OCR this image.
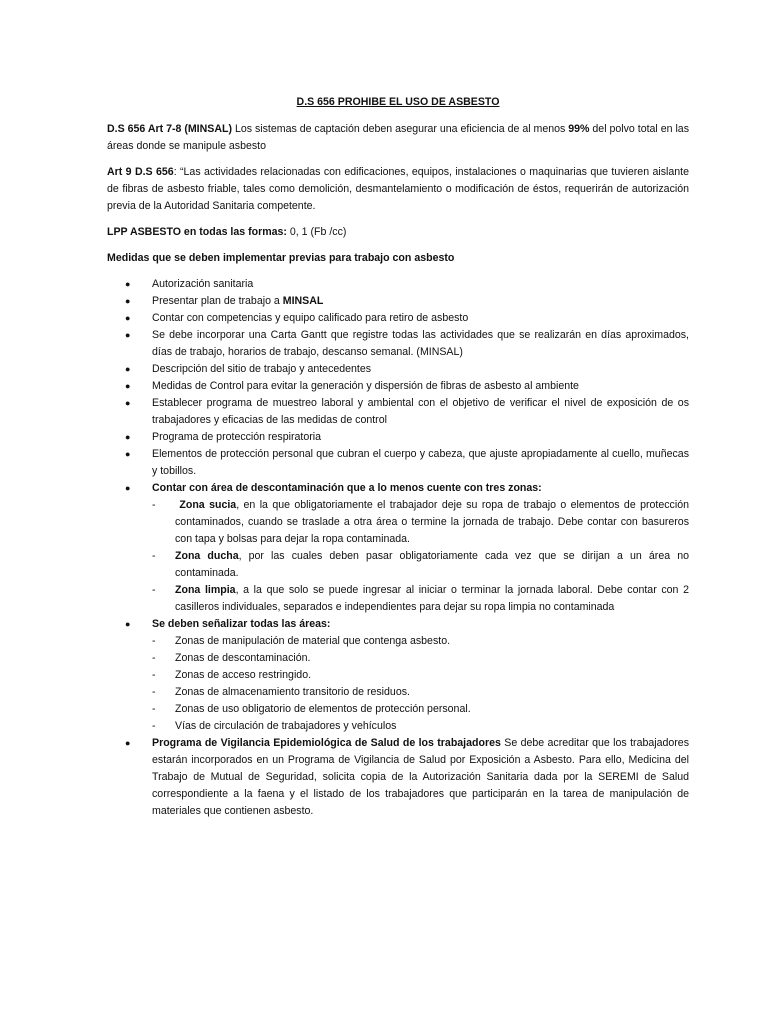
D.S 656 PROHIBE EL USO DE ASBESTO

D.S 656 Art 7-8 (MINSAL) Los sistemas de captación deben asegurar una eficiencia de al menos 99% del polvo total en las áreas donde se manipule asbesto

Art 9 D.S 656: “Las actividades relacionadas con edificaciones, equipos, instalaciones o maquinarias que tuvieren aislante de fibras de asbesto friable, tales como demolición, desmantelamiento o modificación de éstos, requerirán de autorización previa de la Autoridad Sanitaria competente.

LPP ASBESTO en todas las formas: 0, 1 (Fb /cc)

Medidas que se deben implementar previas para trabajo con asbesto
● Autorización sanitaria
● Presentar plan de trabajo a MINSAL
● Contar con competencias y equipo calificado para retiro de asbesto
● Se debe incorporar una Carta Gantt que registre todas las actividades que se realizarán en días aproximados, días de trabajo, horarios de trabajo, descanso semanal. (MINSAL)
● Descripción del sitio de trabajo y antecedentes
● Medidas de Control para evitar la generación y dispersión de fibras de asbesto al ambiente
● Establecer programa de muestreo laboral y ambiental con el objetivo de verificar el nivel de exposición de os trabajadores y eficacias de las medidas de control
● Programa de protección respiratoria
● Elementos de protección personal que cubran el cuerpo y cabeza, que ajuste apropiadamente al cuello, muñecas y tobillos.
● Contar con área de descontaminación que a lo menos cuente con tres zonas:
- Zona sucia, en la que obligatoriamente el trabajador deje su ropa de trabajo o elementos de protección contaminados, cuando se traslade a otra área o termine la jornada de trabajo. Debe contar con basureros con tapa y bolsas para dejar la ropa contaminada.
- Zona ducha, por las cuales deben pasar obligatoriamente cada vez que se dirijan a un área no contaminada.
- Zona limpia, a la que solo se puede ingresar al iniciar o terminar la jornada laboral. Debe contar con 2 casilleros individuales, separados e independientes para dejar su ropa limpia no contaminada
● Se deben señalizar todas las áreas:
- Zonas de manipulación de material que contenga asbesto.
- Zonas de descontaminación.
- Zonas de acceso restringido.
- Zonas de almacenamiento transitorio de residuos.
- Zonas de uso obligatorio de elementos de protección personal.
- Vías de circulación de trabajadores y vehículos
● Programa de Vigilancia Epidemiológica de Salud de los trabajadores Se debe acreditar que los trabajadores estarán incorporados en un Programa de Vigilancia de Salud por Exposición a Asbesto. Para ello, Medicina del Trabajo de Mutual de Seguridad, solicita copia de la Autorización Sanitaria dada por la SEREMI de Salud correspondiente a la faena y el listado de los trabajadores que participarán en la tarea de manipulación de materiales que contienen asbesto.
